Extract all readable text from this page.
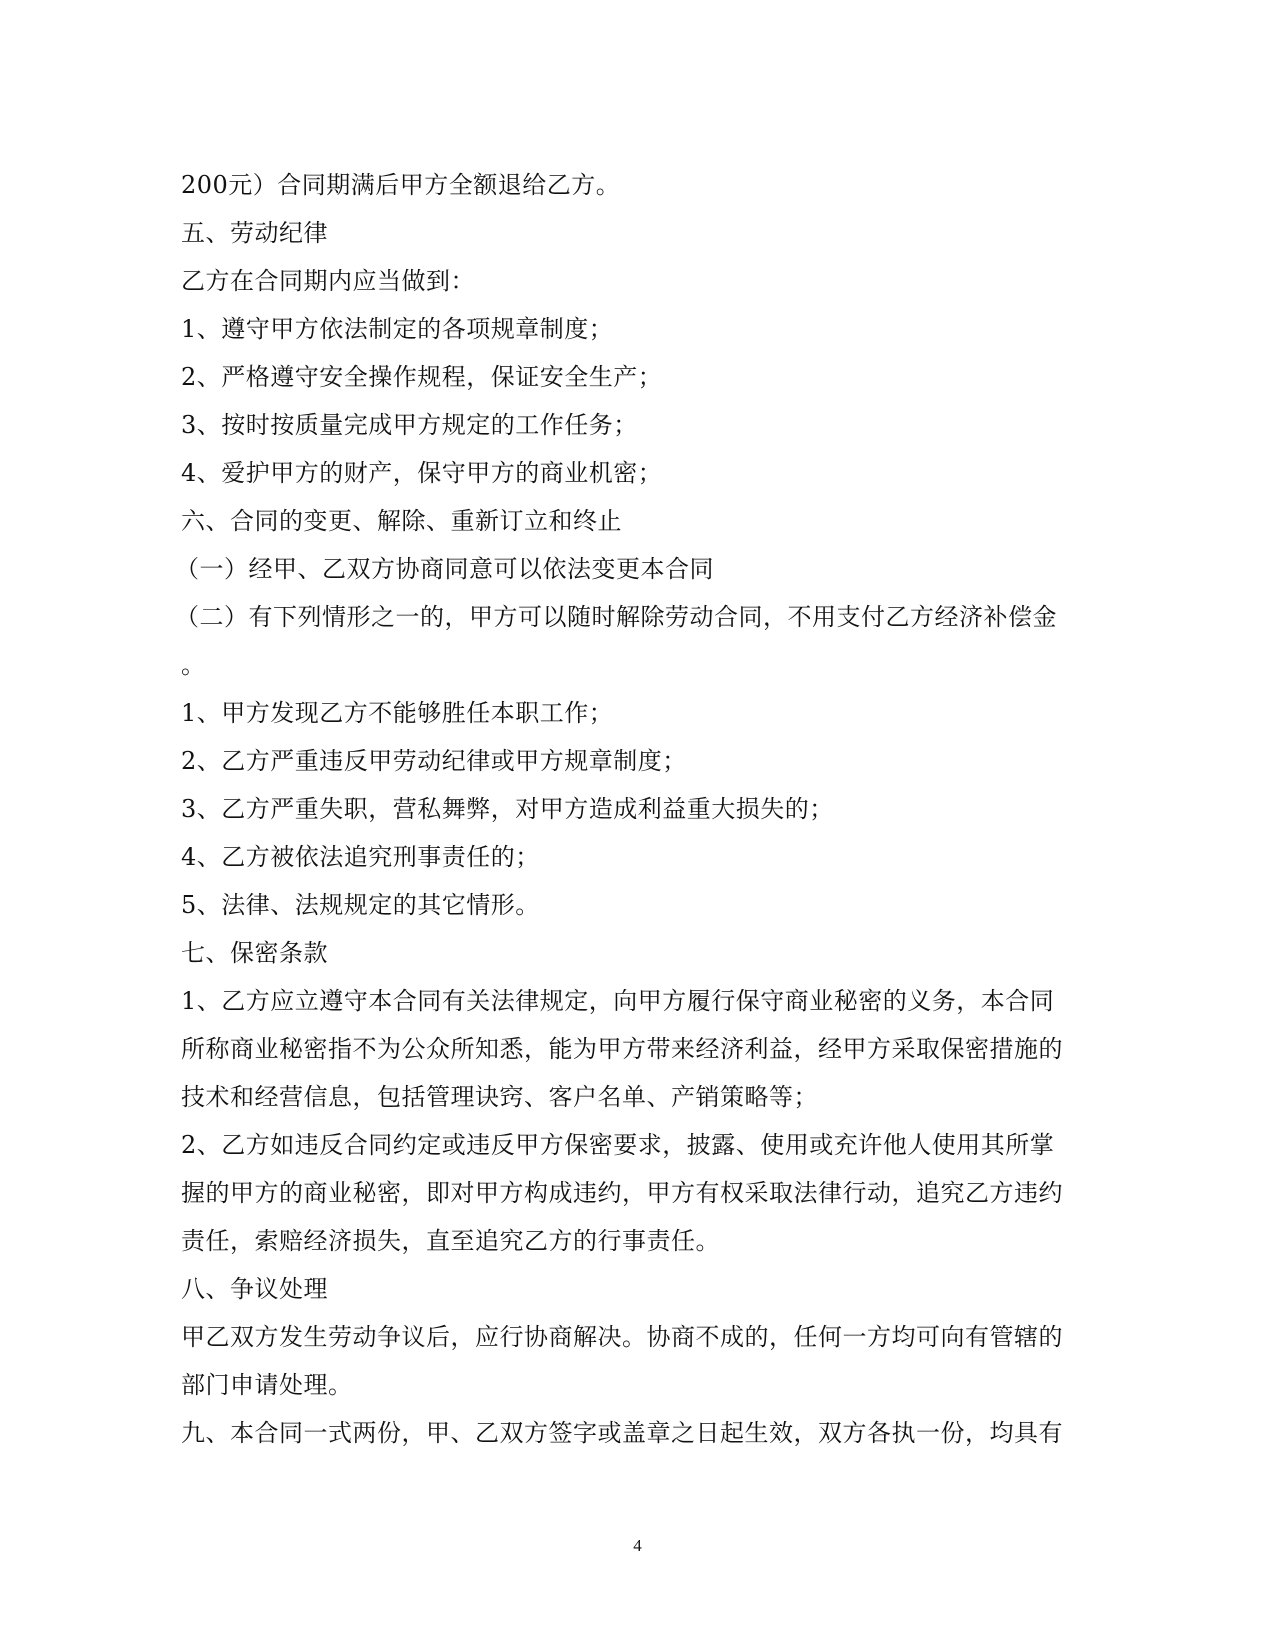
200元）合同期满后甲方全额退给乙方。
五、劳动纪律
乙方在合同期内应当做到：
1、遵守甲方依法制定的各项规章制度；
2、严格遵守安全操作规程，保证安全生产；
3、按时按质量完成甲方规定的工作任务；
4、爱护甲方的财产，保守甲方的商业机密；
六、合同的变更、解除、重新订立和终止
（一）经甲、乙双方协商同意可以依法变更本合同
（二）有下列情形之一的，甲方可以随时解除劳动合同，不用支付乙方经济补偿金
。
1、甲方发现乙方不能够胜任本职工作；
2、乙方严重违反甲劳动纪律或甲方规章制度；
3、乙方严重失职，营私舞弊，对甲方造成利益重大损失的；
4、乙方被依法追究刑事责任的；
5、法律、法规规定的其它情形。
七、保密条款
1、乙方应立遵守本合同有关法律规定，向甲方履行保守商业秘密的义务，本合同
所称商业秘密指不为公众所知悉，能为甲方带来经济利益，经甲方采取保密措施的
技术和经营信息，包括管理诀窍、客户名单、产销策略等；
2、乙方如违反合同约定或违反甲方保密要求，披露、使用或充许他人使用其所掌
握的甲方的商业秘密，即对甲方构成违约，甲方有权采取法律行动，追究乙方违约
责任，索赔经济损失，直至追究乙方的行事责任。
八、争议处理
甲乙双方发生劳动争议后，应行协商解决。协商不成的，任何一方均可向有管辖的
部门申请处理。
九、本合同一式两份，甲、乙双方签字或盖章之日起生效，双方各执一份，均具有
4
